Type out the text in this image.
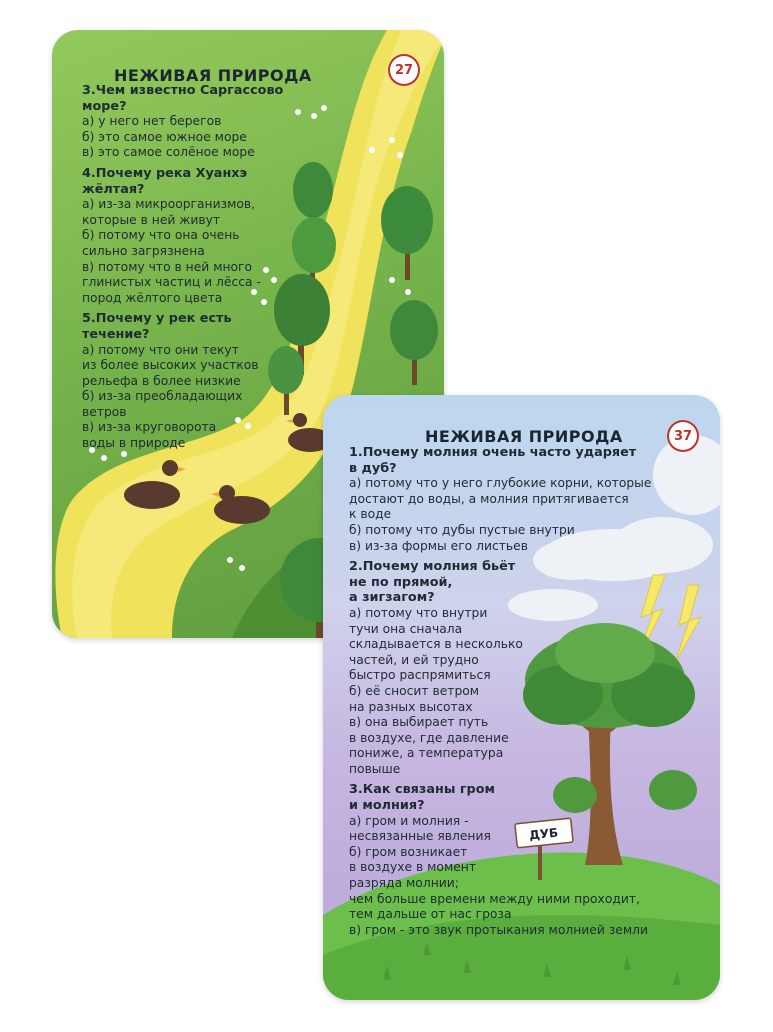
НЕЖИВАЯ ПРИРОДА	27
3.Чем известно Саргассово море?
а) у него нет берегов
б) это самое южное море
в) это самое солёное море
4.Почему река Хуанхэ жёлтая?
а) из-за микроорганизмов,
которые в ней живут
б) потому что она очень
сильно загрязнена
в) потому что в ней много
глинистых частиц и лёсса -
пород жёлтого цвета
5.Почему у рек есть
течение?
а) потому что они текут
из более высоких участков
рельефа в более низкие
б) из-за преобладающих
ветров
в) из-за круговорота
воды в природе
ДУБ
НЕЖИВАЯ ПРИРОДА	37
1.Почему молния очень часто ударяет
в дуб?
а) потому что у него глубокие корни, которые
достают до воды, а молния притягивается
к воде
б) потому что дубы пустые внутри
в) из-за формы его листьев
2.Почему молния бьёт
не по прямой,
а зигзагом?
а) потому что внутри
тучи она сначала
складывается в несколько
частей, и ей трудно
быстро распрямиться
б) её сносит ветром
на разных высотах
в) она выбирает путь
в воздухе, где давление
пониже, а температура
повыше
3.Как связаны гром
и молния?
а) гром и молния -
несвязанные явления
б) гром возникает
в воздухе в момент
разряда молнии;
чем больше времени между ними проходит,
тем дальше от нас гроза
в) гром - это звук протыкания молнией земли
